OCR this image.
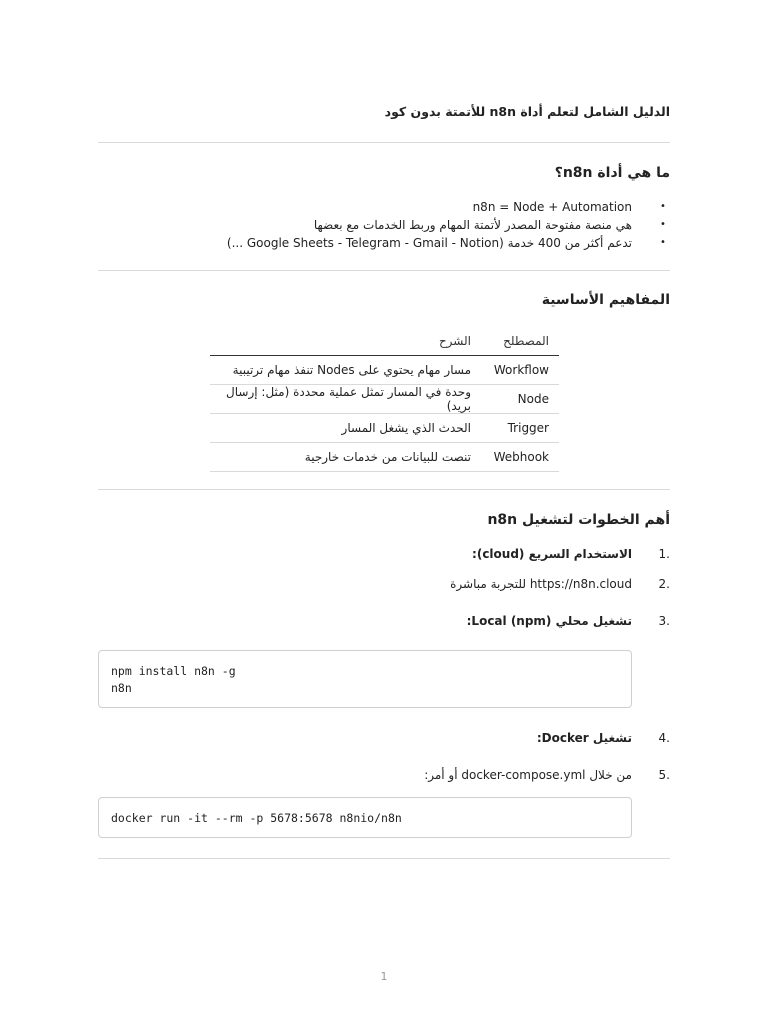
الدليل الشامل لتعلم أداة n8n للأتمتة بدون كود
ما هي أداة n8n؟
•
n8n = Node + Automation
•
هي منصة مفتوحة المصدر لأتمتة المهام وربط الخدمات مع بعضها
•
تدعم أكثر من 400 خدمة (Google Sheets - Telegram - Gmail - Notion ...)
المفاهيم الأساسية
المصطلح	الشرح
Workflow	مسار مهام يحتوي على Nodes تنفذ مهام ترتيبية
Node	وحدة في المسار تمثل عملية محددة (مثل: إرسال بريد)
Trigger	الحدث الذي يشغل المسار
Webhook	تنصت للبيانات من خدمات خارجية
أهم الخطوات لتشغيل n8n
1.
الاستخدام السريع (cloud):
2.
https://n8n.cloud للتجربة مباشرة
3.
تشغيل محلي Local (npm):
npm install n8n -g
n8n
4.
تشغيل Docker:
5.
من خلال docker-compose.yml أو أمر:
docker run -it --rm -p 5678:5678 n8nio/n8n
1
